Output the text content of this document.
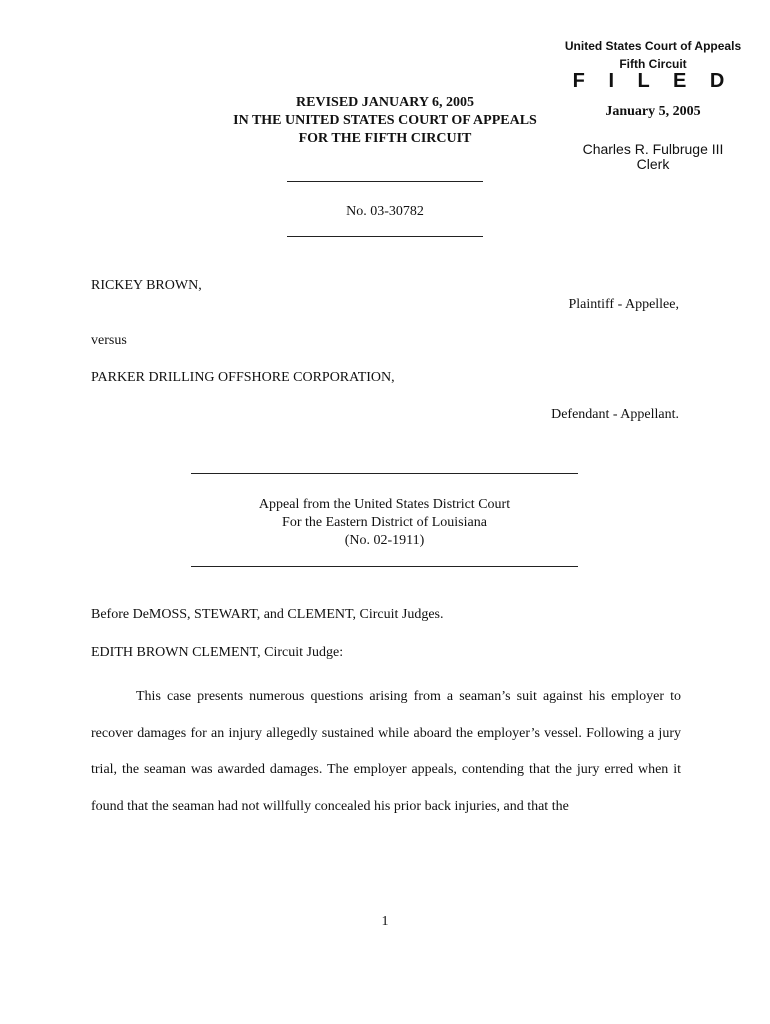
United States Court of Appeals
Fifth Circuit
F I L E D
January 5, 2005
Charles R. Fulbruge III
Clerk
REVISED JANUARY 6, 2005
IN THE UNITED STATES COURT OF APPEALS
FOR THE FIFTH CIRCUIT
No. 03-30782
RICKEY BROWN,
Plaintiff - Appellee,
versus
PARKER DRILLING OFFSHORE CORPORATION,
Defendant - Appellant.
Appeal from the United States District Court
For the Eastern District of Louisiana
(No. 02-1911)
Before DeMOSS, STEWART, and CLEMENT, Circuit Judges.
EDITH BROWN CLEMENT, Circuit Judge:

This case presents numerous questions arising from a seaman’s suit against his employer to recover damages for an injury allegedly sustained while aboard the employer’s vessel. Following a jury trial, the seaman was awarded damages. The employer appeals, contending that the jury erred when it found that the seaman had not willfully concealed his prior back injuries, and that the

1
